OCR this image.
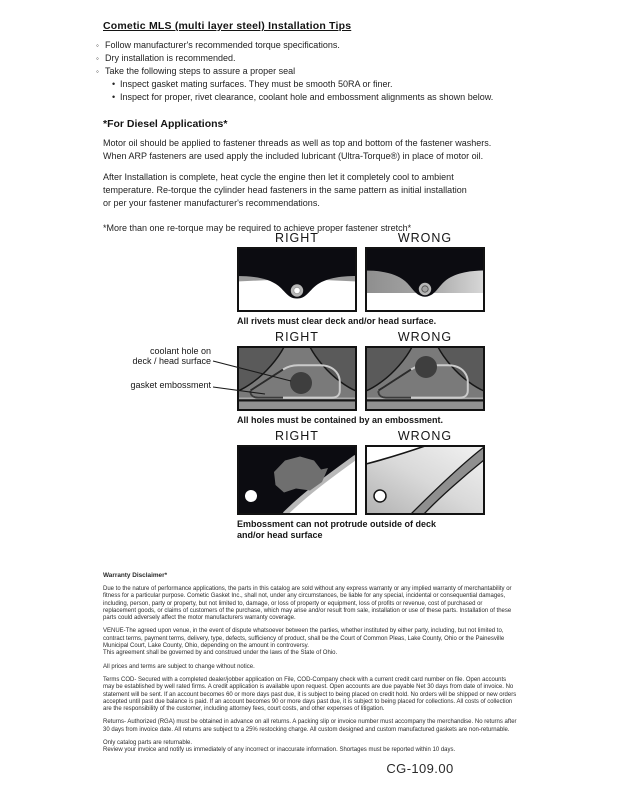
Cometic MLS (multi layer steel) Installation Tips
◦ Follow manufacturer's recommended torque specifications.
◦ Dry installation is recommended.
◦ Take the following steps to assure a proper seal
• Inspect gasket mating surfaces. They must be smooth 50RA or finer.
• Inspect for proper, rivet clearance, coolant hole and embossment alignments as shown below.
*For Diesel Applications*
Motor oil should be applied to fastener threads as well as top and bottom of the fastener washers.
When ARP fasteners are used apply the included lubricant (Ultra-Torque®) in place of motor oil.
After Installation is complete, heat cycle the engine then let it completely cool to ambient
temperature. Re-torque the cylinder head fasteners in the same pattern as initial installation
or per your fastener manufacturer's recommendations.
*More than one re-torque may be required to achieve proper fastener stretch*
RIGHT	WRONG
All rivets must clear deck and/or head surface.
RIGHT	WRONG
All holes must be contained by an embossment.
coolant hole on
deck / head surface
gasket embossment
RIGHT	WRONG
Embossment can not protrude outside of deck
and/or head surface
Warranty Disclaimer*

Due to the nature of performance applications, the parts in this catalog are sold without any express warranty or any implied warranty of merchantability or fitness for a particular purpose. Cometic Gasket Inc., shall not, under any circumstances, be liable for any special, incidental or consequential damages, including, person, party or property, but not limited to, damage, or loss of property or equipment, loss of profits or revenue, cost of purchased or replacement goods, or claims of customers of the purchase, which may arise and/or result from sale, installation or use of these parts. Installation of these parts could adversely affect the motor manufacturers warranty coverage.

VENUE-The agreed upon venue, in the event of dispute whatsoever between the parties, whether instituted by either party, including, but not limited to, contract terms, payment terms, delivery, type, defects, sufficiency of product, shall be the Court of Common Pleas, Lake County, Ohio or the Painesville Municipal Court, Lake County, Ohio, depending on the amount in controversy.

This agreement shall be governed by and construed under the laws of the State of Ohio.

All prices and terms are subject to change without notice.

Terms COD- Secured with a completed dealer/jobber application on File, COD-Company check with a current credit card number on file. Open accounts may be established by well rated firms. A credit application is available upon request. Open accounts are due payable Net 30 days from date of invoice. No statement will be sent. If an account becomes 60 or more days past due, it is subject to being placed on credit hold. No orders will be shipped or new orders accepted until past due balance is paid. If an account becomes 90 or more days past due, it is subject to being placed for collections. All costs of collection are the responsibility of the customer, including attorney fees, court costs, and other expenses of litigation.

Returns- Authorized (RGA) must be obtained in advance on all returns. A packing slip or invoice number must accompany the merchandise. No returns after 30 days from invoice date. All returns are subject to a 25% restocking charge. All custom designed and custom manufactured gaskets are non-returnable.

Only catalog parts are returnable.

Review your invoice and notify us immediately of any incorrect or inaccurate information. Shortages must be reported within 10 days.

CG-109.00
